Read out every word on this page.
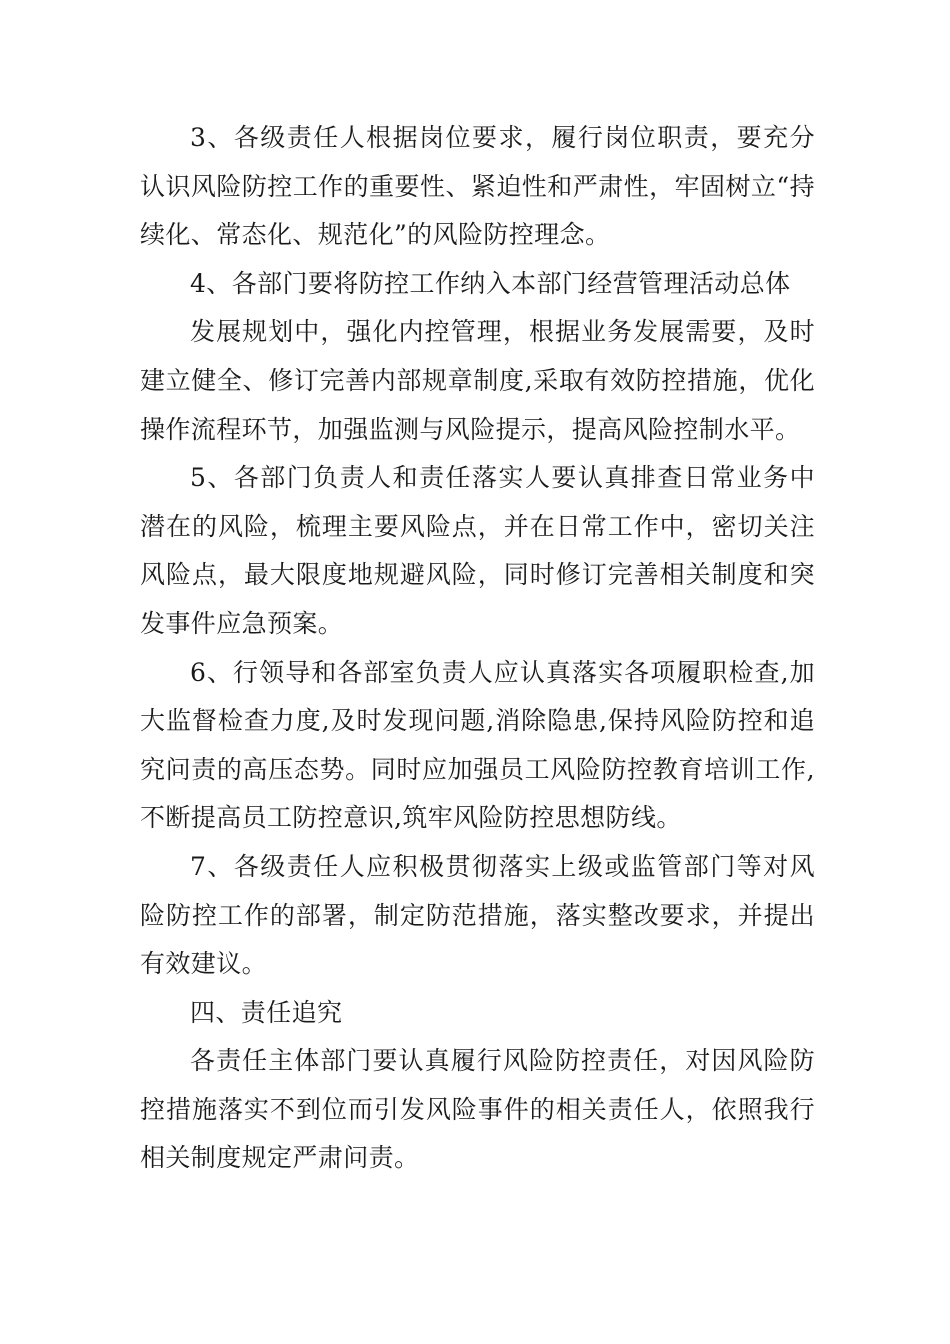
3、各级责任人根据岗位要求，履行岗位职责，要充分认识风险防控工作的重要性、紧迫性和严肃性，牢固树立“持续化、常态化、规范化”的风险防控理念。

4、各部门要将防控工作纳入本部门经营管理活动总体

发展规划中，强化内控管理，根据业务发展需要，及时建立健全、修订完善内部规章制度,采取有效防控措施，优化操作流程环节，加强监测与风险提示，提高风险控制水平。

5、各部门负责人和责任落实人要认真排查日常业务中潜在的风险，梳理主要风险点，并在日常工作中，密切关注风险点，最大限度地规避风险，同时修订完善相关制度和突发事件应急预案。

6、行领导和各部室负责人应认真落实各项履职检查,加大监督检查力度,及时发现问题,消除隐患,保持风险防控和追究问责的高压态势。同时应加强员工风险防控教育培训工作,不断提高员工防控意识,筑牢风险防控思想防线。

7、各级责任人应积极贯彻落实上级或监管部门等对风险防控工作的部署，制定防范措施，落实整改要求，并提出有效建议。

四、责任追究

各责任主体部门要认真履行风险防控责任，对因风险防控措施落实不到位而引发风险事件的相关责任人，依照我行相关制度规定严肃问责。
